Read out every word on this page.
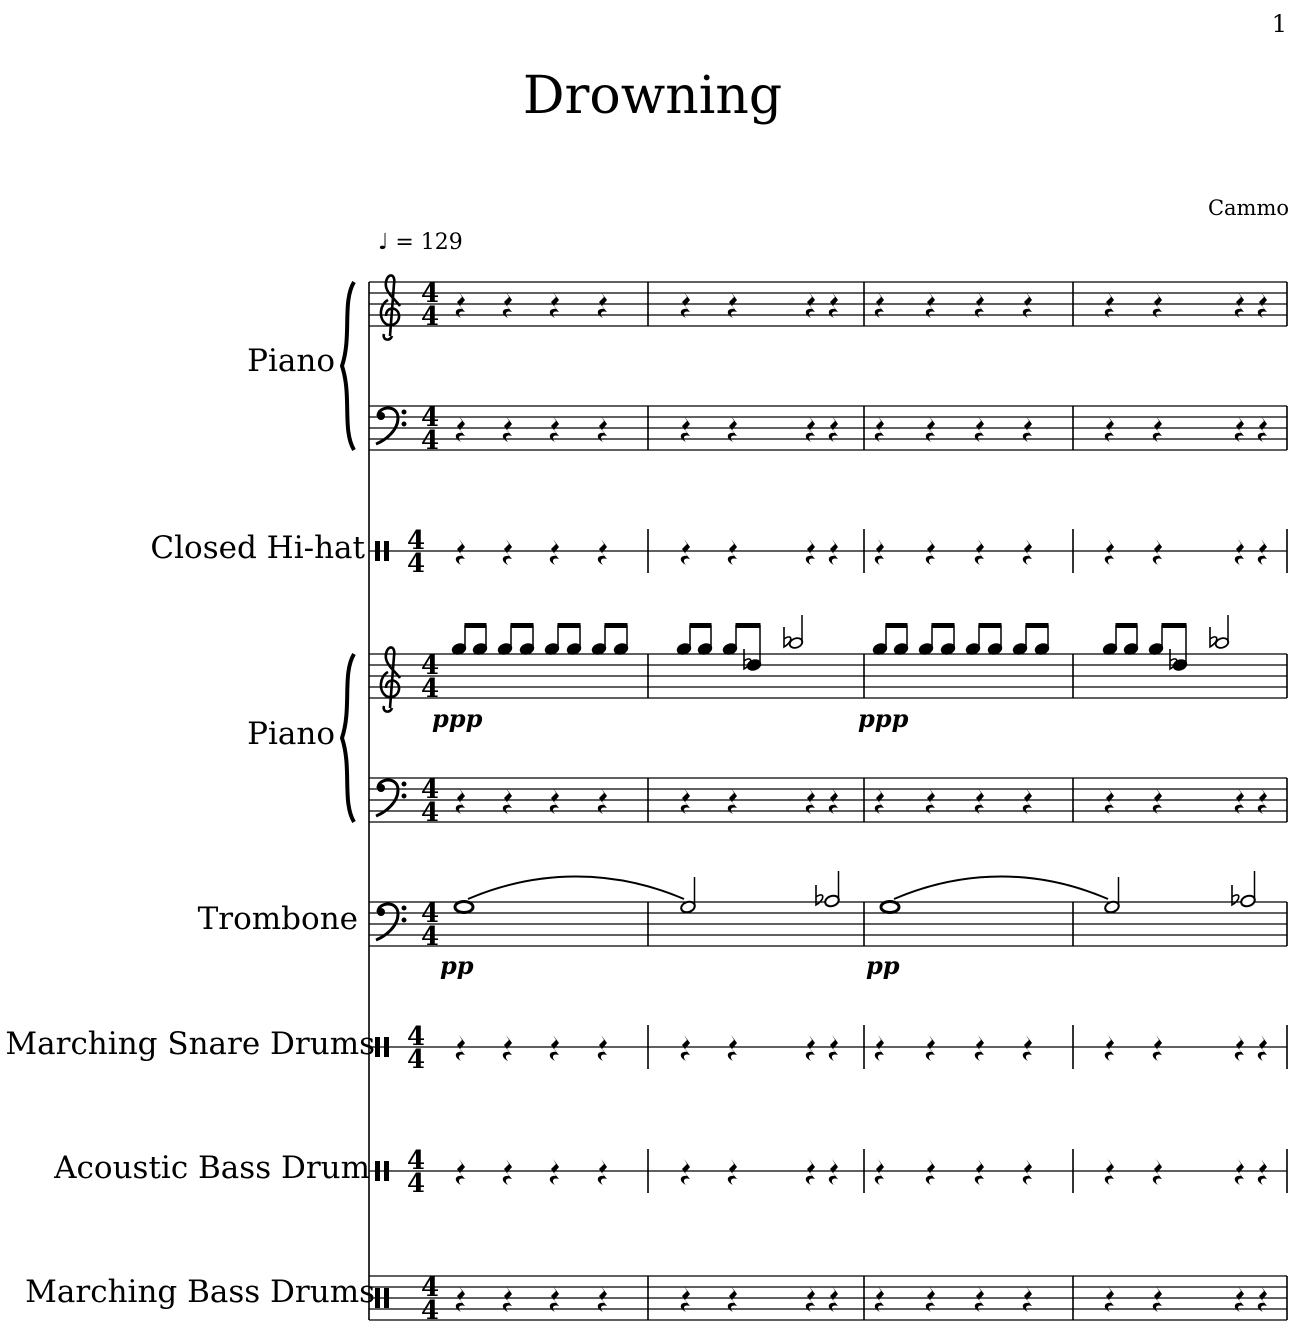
1
Drowning
Cammo
♩ = 129
Piano
Closed Hi-hat
Piano
Trombone
Marching Snare Drums
Acoustic Bass Drum
Marching Bass Drums
4
4
4
4
4
4
4
4
4
4
4
4
4
4
4
4
4
4
ppp	ppp
pp	pp
